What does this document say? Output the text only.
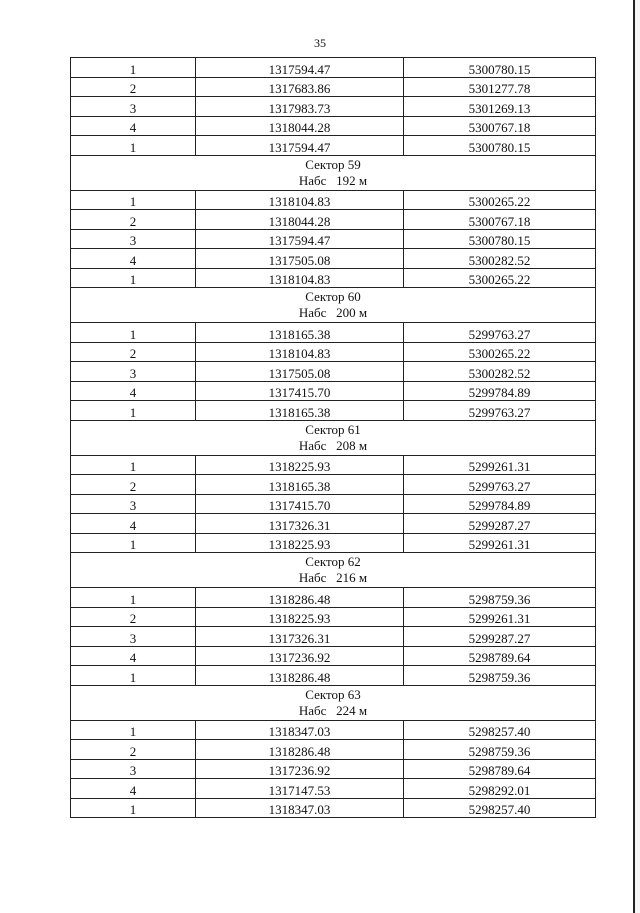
35
1	1317594.47	5300780.15
2	1317683.86	5301277.78
3	1317983.73	5301269.13
4	1318044.28	5300767.18
1	1317594.47	5300780.15

Сектор 59
Набс   192 м		

1	1318104.83	5300265.22
2	1318044.28	5300767.18
3	1317594.47	5300780.15
4	1317505.08	5300282.52
1	1318104.83	5300265.22

Сектор 60
Набс   200 м		

1	1318165.38	5299763.27
2	1318104.83	5300265.22
3	1317505.08	5300282.52
4	1317415.70	5299784.89
1	1318165.38	5299763.27

Сектор 61
Набс   208 м		

1	1318225.93	5299261.31
2	1318165.38	5299763.27
3	1317415.70	5299784.89
4	1317326.31	5299287.27
1	1318225.93	5299261.31

Сектор 62
Набс   216 м		

1	1318286.48	5298759.36
2	1318225.93	5299261.31
3	1317326.31	5299287.27
4	1317236.92	5298789.64
1	1318286.48	5298759.36

Сектор 63
Набс   224 м		

1	1318347.03	5298257.40
2	1318286.48	5298759.36
3	1317236.92	5298789.64
4	1317147.53	5298292.01
1	1318347.03	5298257.40
